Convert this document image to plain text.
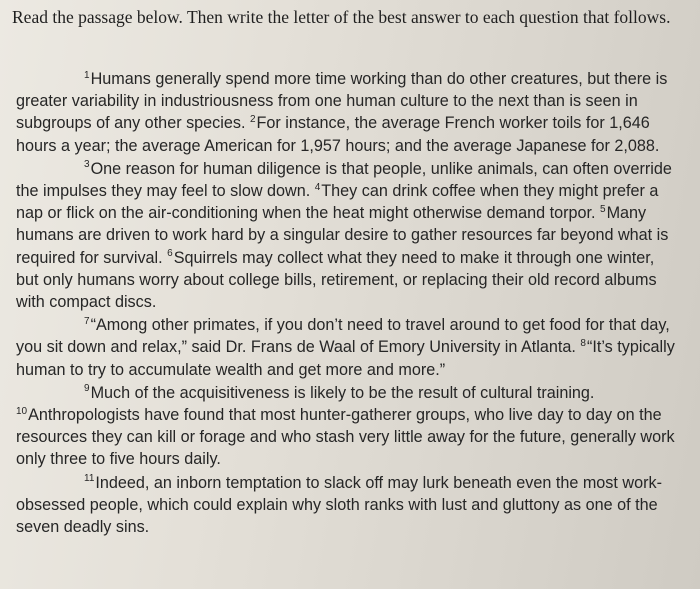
Read the passage below. Then write the letter of the best answer to each question that follows.

$^1$Humans generally spend more time working than do other creatures, but there is greater variability in industriousness from one human culture to the next than is seen in subgroups of any other species. $^2$For instance, the average French worker toils for 1,646 hours a year; the average American for 1,957 hours; and the average Japanese for 2,088.

$^3$One reason for human diligence is that people, unlike animals, can often override the impulses they may feel to slow down. $^4$They can drink coffee when they might prefer a nap or flick on the air-conditioning when the heat might otherwise demand torpor. $^5$Many humans are driven to work hard by a singular desire to gather resources far beyond what is required for survival. $^6$Squirrels may collect what they need to make it through one winter, but only humans worry about college bills, retirement, or replacing their old record albums with compact discs.

$^7$“Among other primates, if you don’t need to travel around to get food for that day, you sit down and relax,” said Dr. Frans de Waal of Emory University in Atlanta. $^8$“It’s typically human to try to accumulate wealth and get more and more.”

$^9$Much of the acquisitiveness is likely to be the result of cultural training. $^{10}$Anthropologists have found that most hunter-gatherer groups, who live day to day on the resources they can kill or forage and who stash very little away for the future, generally work only three to five hours daily.

$^{11}$Indeed, an inborn temptation to slack off may lurk beneath even the most work-obsessed people, which could explain why sloth ranks with lust and gluttony as one of the seven deadly sins.
